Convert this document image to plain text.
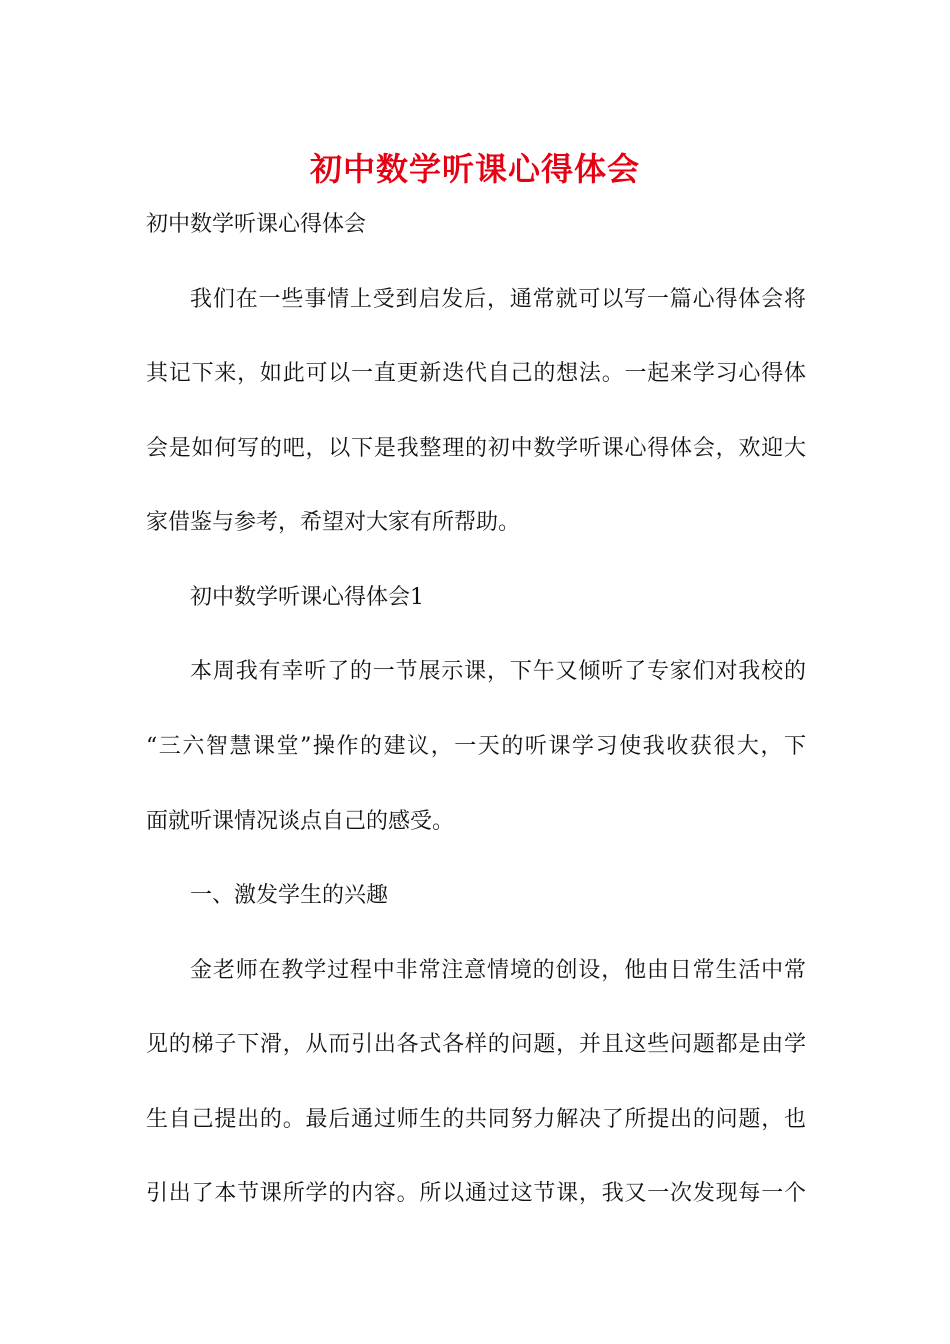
初中数学听课心得体会
初中数学听课心得体会
我们在一些事情上受到启发后，通常就可以写一篇心得体会将
其记下来，如此可以一直更新迭代自己的想法。一起来学习心得体
会是如何写的吧，以下是我整理的初中数学听课心得体会，欢迎大
家借鉴与参考，希望对大家有所帮助。
初中数学听课心得体会1
本周我有幸听了的一节展示课，下午又倾听了专家们对我校的
“三六智慧课堂”操作的建议，一天的听课学习使我收获很大，下
面就听课情况谈点自己的感受。
一、激发学生的兴趣
金老师在教学过程中非常注意情境的创设，他由日常生活中常
见的梯子下滑，从而引出各式各样的问题，并且这些问题都是由学
生自己提出的。最后通过师生的共同努力解决了所提出的问题，也
引出了本节课所学的内容。所以通过这节课，我又一次发现每一个
